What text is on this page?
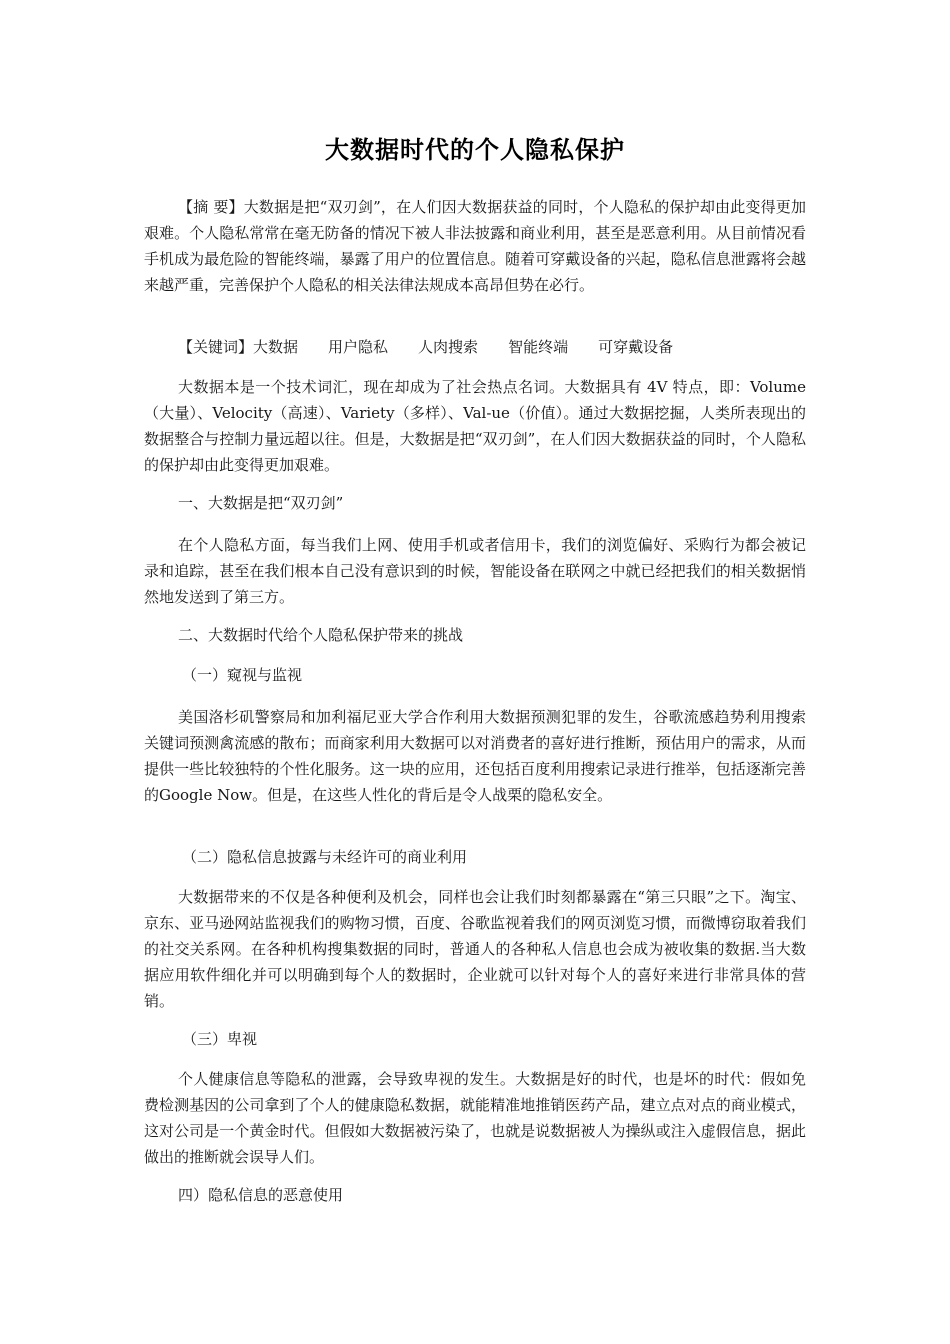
大数据时代的个人隐私保护

【摘 要】大数据是把“双刃剑”，在人们因大数据获益的同时，个人隐私的保护却由此变得更加艰难。个人隐私常常在毫无防备的情况下被人非法披露和商业利用，甚至是恶意利用。从目前情况看手机成为最危险的智能终端，暴露了用户的位置信息。随着可穿戴设备的兴起，隐私信息泄露将会越来越严重，完善保护个人隐私的相关法律法规成本高昂但势在必行。

【关键词】大数据 用户隐私 人肉搜索 智能终端 可穿戴设备

大数据本是一个技术词汇，现在却成为了社会热点名词。大数据具有 4V 特点，即：Volume（大量）、Velocity（高速）、Variety（多样）、Val-ue（价值）。通过大数据挖掘，人类所表现出的数据整合与控制力量远超以往。但是，大数据是把“双刃剑”，在人们因大数据获益的同时，个人隐私的保护却由此变得更加艰难。

一、大数据是把“双刃剑”

在个人隐私方面，每当我们上网、使用手机或者信用卡，我们的浏览偏好、采购行为都会被记录和追踪，甚至在我们根本自己没有意识到的时候，智能设备在联网之中就已经把我们的相关数据悄然地发送到了第三方。

二、大数据时代给个人隐私保护带来的挑战
（一）窥视与监视

美国洛杉矶警察局和加利福尼亚大学合作利用大数据预测犯罪的发生，谷歌流感趋势利用搜索关键词预测禽流感的散布；而商家利用大数据可以对消费者的喜好进行推断，预估用户的需求，从而提供一些比较独特的个性化服务。这一块的应用，还包括百度利用搜索记录进行推举，包括逐渐完善的Google Now。但是，在这些人性化的背后是令人战栗的隐私安全。

（二）隐私信息披露与未经许可的商业利用

大数据带来的不仅是各种便利及机会，同样也会让我们时刻都暴露在“第三只眼”之下。淘宝、京东、亚马逊网站监视我们的购物习惯，百度、谷歌监视着我们的网页浏览习惯，而微博窃取着我们的社交关系网。在各种机构搜集数据的同时，普通人的各种私人信息也会成为被收集的数据.当大数据应用软件细化并可以明确到每个人的数据时，企业就可以针对每个人的喜好来进行非常具体的营销。

（三）卑视

个人健康信息等隐私的泄露，会导致卑视的发生。大数据是好的时代，也是坏的时代：假如免费检测基因的公司拿到了个人的健康隐私数据，就能精准地推销医药产品，建立点对点的商业模式，这对公司是一个黄金时代。但假如大数据被污染了，也就是说数据被人为操纵或注入虚假信息，据此做出的推断就会误导人们。

四）隐私信息的恶意使用
